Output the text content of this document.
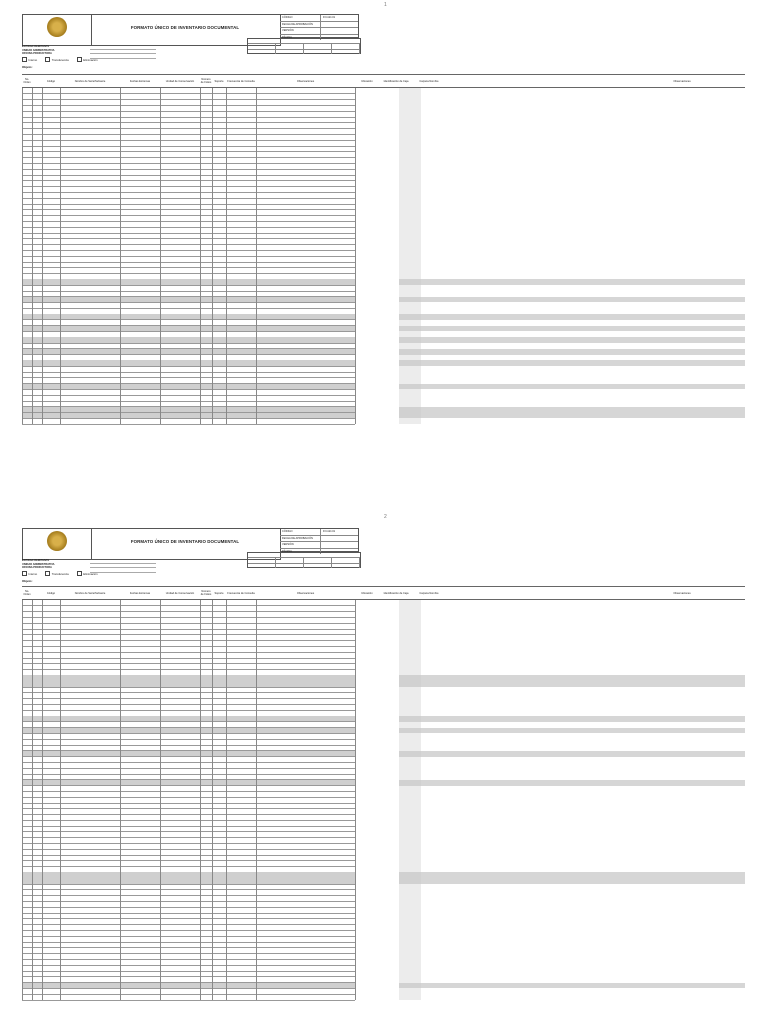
1
FORMATO ÚNICO DE INVENTARIO DOCUMENTAL
CÓDIGO	FO-GD-01
FECHA DE APROBACIÓN
VERSIÓN
PÁGINA
ENTIDAD REMITENTE
UNIDAD ADMINISTRATIVA
OFICINA PRODUCTORA

Interno	Transferencia	Eliminación
Objeto:
No. Orden	Código	Nombre de Serie/Subserie	Fechas Extremas	Unidad de Conservación	Número de Folios	Soporte	Frecuencia de Consulta	Observaciones	Ubicación	Identificación de Caja	Carpeta Nombre	Observaciones
2
FORMATO ÚNICO DE INVENTARIO DOCUMENTAL
CÓDIGO	FO-GD-01
FECHA DE APROBACIÓN
VERSIÓN
PÁGINA
ENTIDAD REMITENTE
UNIDAD ADMINISTRATIVA
OFICINA PRODUCTORA

Interno	Transferencia	Eliminación
Objeto:
No. Orden	Código	Nombre de Serie/Subserie	Fechas Extremas	Unidad de Conservación	Número de Folios	Soporte	Frecuencia de Consulta	Observaciones	Ubicación	Identificación de Caja	Carpeta Nombre	Observaciones
